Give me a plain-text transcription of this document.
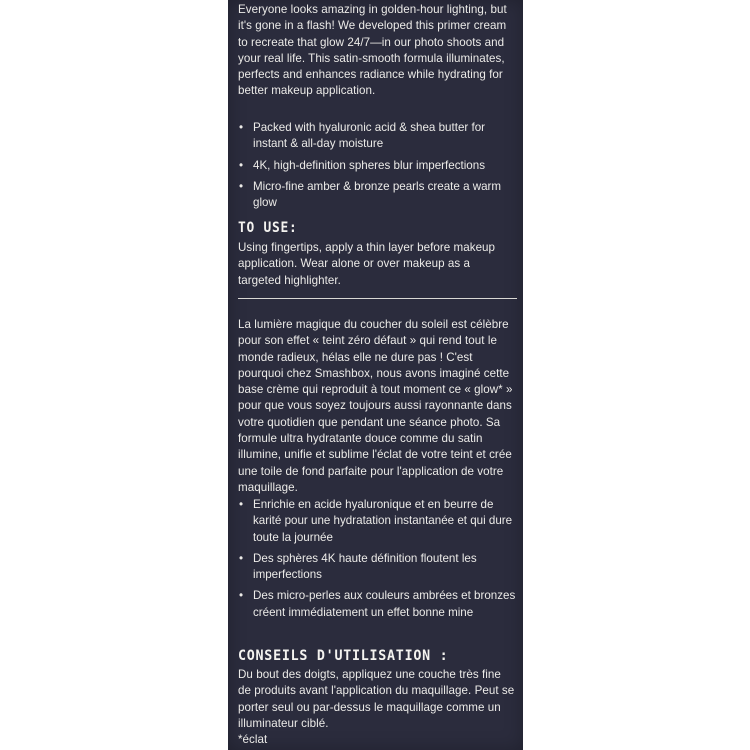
Everyone looks amazing in golden-hour lighting, but it's gone in a flash! We developed this primer cream to recreate that glow 24/7—in our photo shoots and your real life. This satin-smooth formula illuminates, perfects and enhances radiance while hydrating for better makeup application.
• Packed with hyaluronic acid & shea butter for instant & all-day moisture
• 4K, high-definition spheres blur imperfections
• Micro-fine amber & bronze pearls create a warm glow
TO USE:
Using fingertips, apply a thin layer before makeup application. Wear alone or over makeup as a targeted highlighter.
La lumière magique du coucher du soleil est célèbre pour son effet « teint zéro défaut » qui rend tout le monde radieux, hélas elle ne dure pas ! C'est pourquoi chez Smashbox, nous avons imaginé cette base crème qui reproduit à tout moment ce « glow* » pour que vous soyez toujours aussi rayonnante dans votre quotidien que pendant une séance photo. Sa formule ultra hydratante douce comme du satin illumine, unifie et sublime l'éclat de votre teint et crée une toile de fond parfaite pour l'application de votre maquillage.
• Enrichie en acide hyaluronique et en beurre de karité pour une hydratation instantanée et qui dure toute la journée
• Des sphères 4K haute définition floutent les imperfections
• Des micro-perles aux couleurs ambrées et bronzes créent immédiatement un effet bonne mine
CONSEILS D'UTILISATION :
Du bout des doigts, appliquez une couche très fine de produits avant l'application du maquillage. Peut se porter seul ou par-dessus le maquillage comme un illuminateur ciblé.
*éclat
